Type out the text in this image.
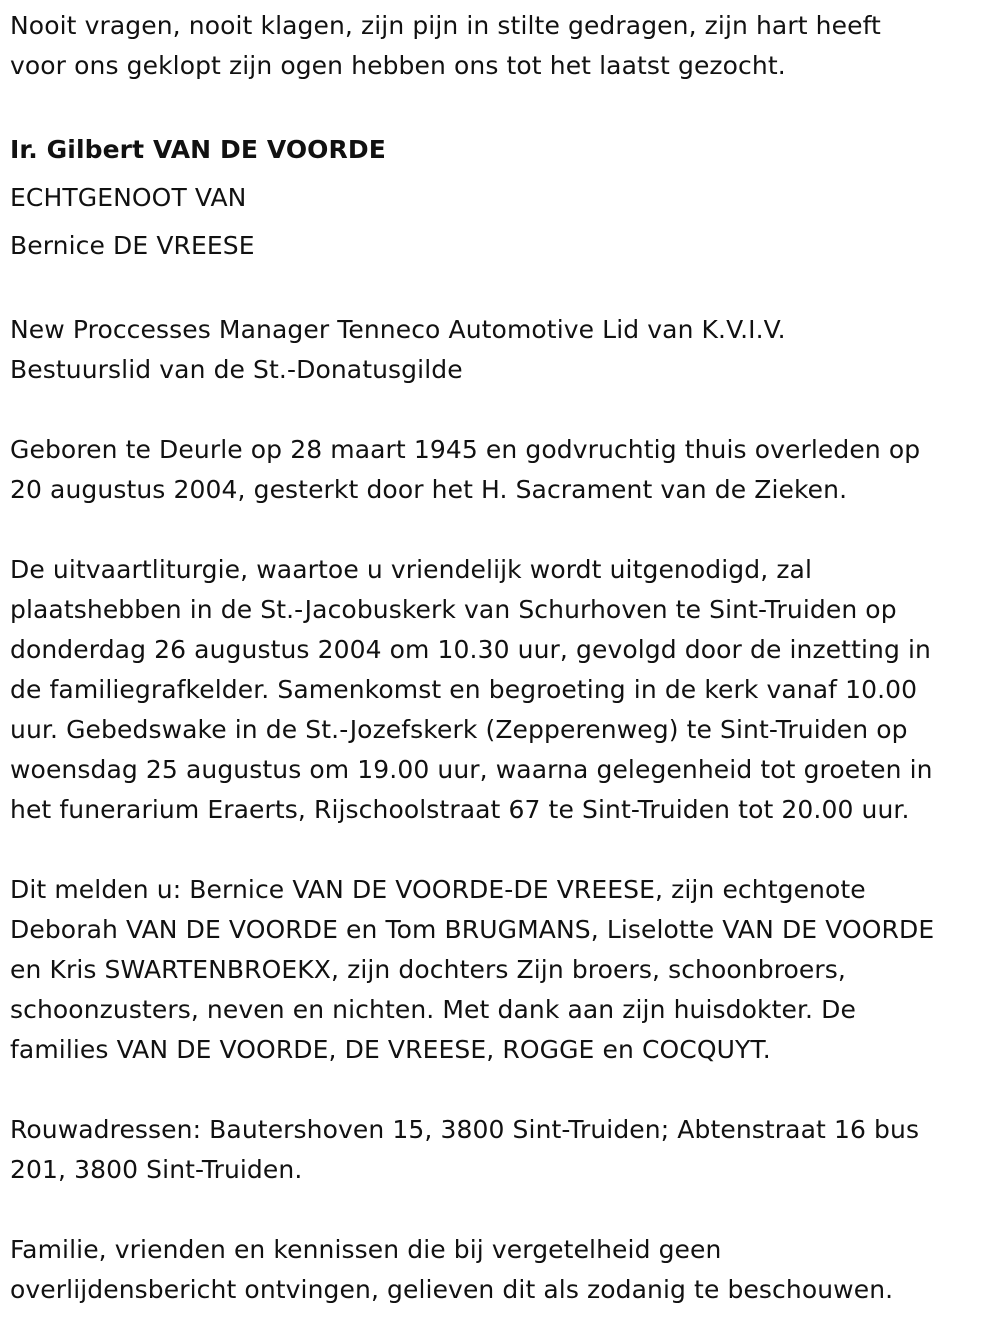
Nooit vragen, nooit klagen, zijn pijn in stilte gedragen, zijn hart heeft
voor ons geklopt zijn ogen hebben ons tot het laatst gezocht.

Ir. Gilbert VAN DE VOORDE
ECHTGENOOT VAN
Bernice DE VREESE

New Proccesses Manager Tenneco Automotive Lid van K.V.I.V.
Bestuurslid van de St.-Donatusgilde

Geboren te Deurle op 28 maart 1945 en godvruchtig thuis overleden op
20 augustus 2004, gesterkt door het H. Sacrament van de Zieken.

De uitvaartliturgie, waartoe u vriendelijk wordt uitgenodigd, zal
plaatshebben in de St.-Jacobuskerk van Schurhoven te Sint-Truiden op
donderdag 26 augustus 2004 om 10.30 uur, gevolgd door de inzetting in
de familiegrafkelder. Samenkomst en begroeting in de kerk vanaf 10.00
uur. Gebedswake in de St.-Jozefskerk (Zepperenweg) te Sint-Truiden op
woensdag 25 augustus om 19.00 uur, waarna gelegenheid tot groeten in
het funerarium Eraerts, Rijschoolstraat 67 te Sint-Truiden tot 20.00 uur.

Dit melden u: Bernice VAN DE VOORDE-DE VREESE, zijn echtgenote
Deborah VAN DE VOORDE en Tom BRUGMANS, Liselotte VAN DE VOORDE
en Kris SWARTENBROEKX, zijn dochters Zijn broers, schoonbroers,
schoonzusters, neven en nichten. Met dank aan zijn huisdokter. De
families VAN DE VOORDE, DE VREESE, ROGGE en COCQUYT.

Rouwadressen: Bautershoven 15, 3800 Sint-Truiden; Abtenstraat 16 bus
201, 3800 Sint-Truiden.

Familie, vrienden en kennissen die bij vergetelheid geen
overlijdensbericht ontvingen, gelieven dit als zodanig te beschouwen.
